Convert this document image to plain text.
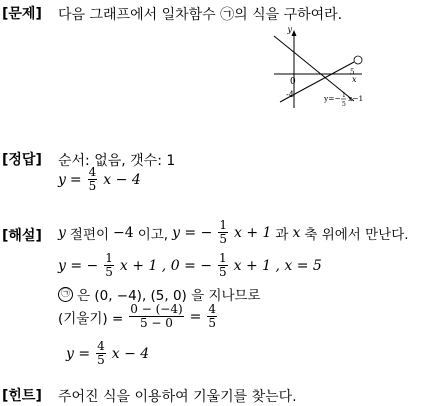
[문제] 다음 그래프에서 일차함수 ㉠의 식을 구하여라.
y
x
0
-4
5
y=− 1
5
x−1
[정답] 순서: 없음, 갯수: 1
$y = \frac{4}{5}$ x − 4
[해설] y 절편이 −4 이고, y = − $\frac{1}{5}$ x + 1 과 x 축 위에서 만난다.
y = − $\frac{1}{5}$ x + 1 , 0 = − $\frac{1}{5}$ x + 1 , x = 5
㉠ 은 (0, −4), (5, 0) 을 지나므로
(기울기) = $\frac{0 - (-4)}{5 - 0} = \frac{4}{5}$
$y = \frac{4}{5}$ x − 4
[힌트] 주어진 식을 이용하여 기울기를 찾는다.
